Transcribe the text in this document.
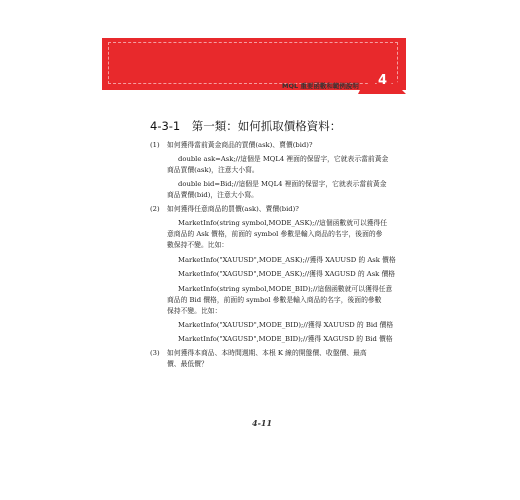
4
MQL 重要函數和範例說明
4-3-1　第一類：如何抓取價格資料：
(1) 如何獲得當前黃金商品的買價(ask)、賣價(bid)?
double ask=Ask;//這個是 MQL4 裡面的保留字，它就表示當前黃金
商品買價(ask)，注意大小寫。
double bid=Bid;//這個是 MQL4 裡面的保留字，它就表示當前黃金
商品賣價(bid)，注意大小寫。
(2) 如何獲得任意商品的買價(ask)、賣價(bid)?
MarketInfo(string symbol,MODE_ASK);//這個函數就可以獲得任
意商品的 Ask 價格，前面的 symbol 參數是輸入商品的名字，後面的參
數保持不變。比如：
MarketInfo("XAUUSD",MODE_ASK);//獲得 XAUUSD 的 Ask 價格
MarketInfo("XAGUSD",MODE_ASK);//獲得 XAGUSD 的 Ask 價格
MarketInfo(string symbol,MODE_BID);//這個函數就可以獲得任意
商品的 Bid 價格，前面的 symbol 參數是輸入商品的名字，後面的參數
保持不變。比如：
MarketInfo("XAUUSD",MODE_BID);//獲得 XAUUSD 的 Bid 價格
MarketInfo("XAGUSD",MODE_BID);//獲得 XAGUSD 的 Bid 價格
(3) 如何獲得本商品、本時間週期、本根 K 線的開盤價、收盤價、最高
價、最低價？
4-11
